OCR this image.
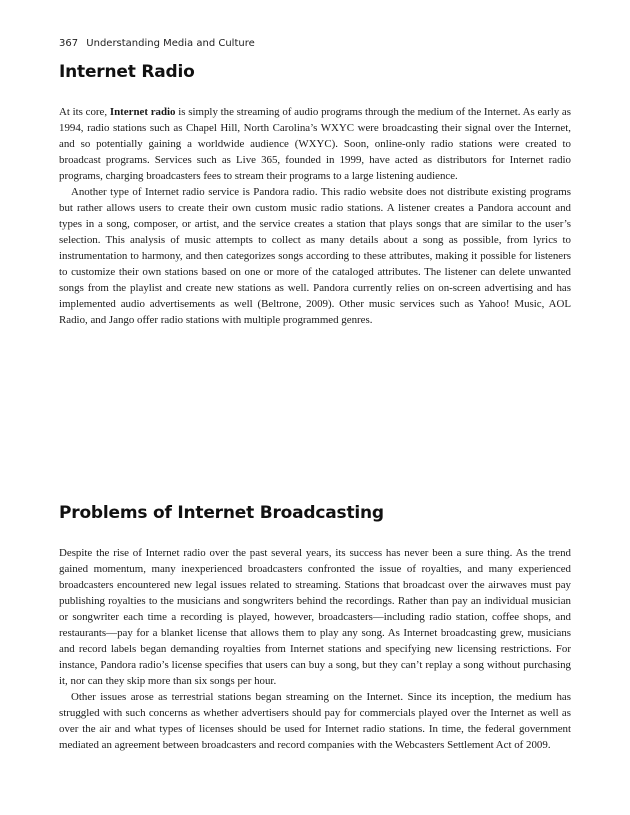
367 Understanding Media and Culture
Internet Radio

At its core, Internet radio is simply the streaming of audio programs through the medium of the Internet. As early as 1994, radio stations such as Chapel Hill, North Carolina’s WXYC were broadcasting their signal over the Internet, and so potentially gaining a worldwide audience (WXYC). Soon, online-only radio stations were created to broadcast programs. Services such as Live 365, founded in 1999, have acted as distributors for Internet radio programs, charging broadcasters fees to stream their programs to a large listening audience.

Another type of Internet radio service is Pandora radio. This radio website does not distribute existing programs but rather allows users to create their own custom music radio stations. A listener creates a Pandora account and types in a song, composer, or artist, and the service creates a station that plays songs that are similar to the user’s selection. This analysis of music attempts to collect as many details about a song as possible, from lyrics to instrumentation to harmony, and then categorizes songs according to these attributes, making it possible for listeners to customize their own stations based on one or more of the cataloged attributes. The listener can delete unwanted songs from the playlist and create new stations as well. Pandora currently relies on on-screen advertising and has implemented audio advertisements as well (Beltrone, 2009). Other music services such as Yahoo! Music, AOL Radio, and Jango offer radio stations with multiple programmed genres.

Problems of Internet Broadcasting

Despite the rise of Internet radio over the past several years, its success has never been a sure thing. As the trend gained momentum, many inexperienced broadcasters confronted the issue of royalties, and many experienced broadcasters encountered new legal issues related to streaming. Stations that broadcast over the airwaves must pay publishing royalties to the musicians and songwriters behind the recordings. Rather than pay an individual musician or songwriter each time a recording is played, however, broadcasters—including radio station, coffee shops, and restaurants—pay for a blanket license that allows them to play any song. As Internet broadcasting grew, musicians and record labels began demanding royalties from Internet stations and specifying new licensing restrictions. For instance, Pandora radio’s license specifies that users can buy a song, but they can’t replay a song without purchasing it, nor can they skip more than six songs per hour.

Other issues arose as terrestrial stations began streaming on the Internet. Since its inception, the medium has struggled with such concerns as whether advertisers should pay for commercials played over the Internet as well as over the air and what types of licenses should be used for Internet radio stations. In time, the federal government mediated an agreement between broadcasters and record companies with the Webcasters Settlement Act of 2009.
